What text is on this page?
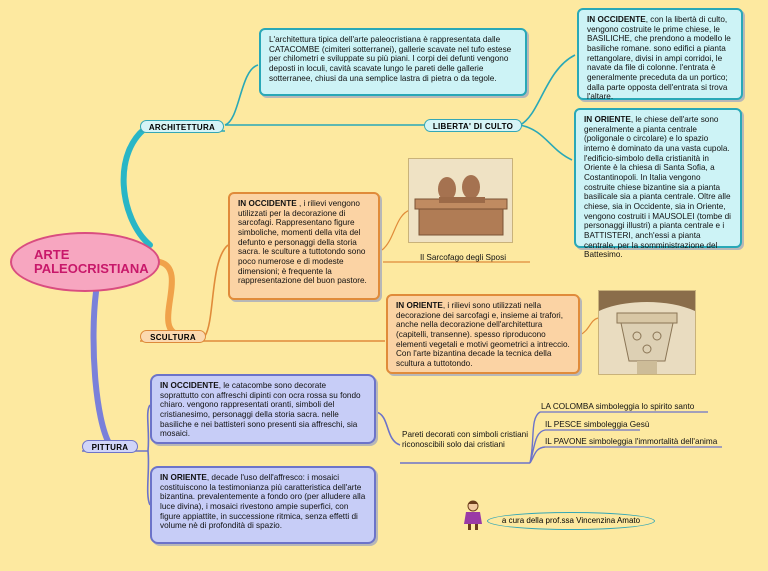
ARTE
PALEOCRISTIANA
ARCHITETTURA	LIBERTA' DI CULTO
SCULTURA
PITTURA
L'architettura tipica dell'arte paleocristiana è rappresentata dalle CATACOMBE (cimiteri sotterranei), gallerie scavate nel tufo estese per chilometri e sviluppate su più piani. I corpi dei defunti vengono deposti in loculi, cavità scavate lungo le pareti delle gallerie sotterranee, chiusi da una semplice lastra di pietra o da tegole.
IN OCCIDENTE, con la libertà di culto, vengono costruite le prime chiese, le BASILICHE, che prendono a modello le basiliche romane. sono edifici a pianta rettangolare, divisi in ampi corridoi, le navate da file di colonne. l'entrata è generalmente preceduta da un portico; dalla parte opposta dell'entrata si trova l'altare.
IN ORIENTE, le chiese dell'arte sono generalmente a pianta centrale (poligonale o circolare) e lo spazio interno è dominato da una vasta cupola. l'edificio-simbolo della cristianità in Oriente è la chiesa di Santa Sofia, a Costantinopoli. In Italia vengono costruite chiese bizantine sia a pianta basilicale sia a pianta centrale. Oltre alle chiese, sia in Occidente, sia in Oriente, vengono costruiti i MAUSOLEI (tombe di personaggi illustri) a pianta centrale e i BATTISTERI, anch'essi a pianta centrale, per la somministrazione del Battesimo.
IN OCCIDENTE , i rilievi vengono utilizzati per la decorazione di sarcofagi. Rappresentano figure simboliche, momenti della vita del defunto e personaggi della storia sacra. le sculture a tuttotondo sono poco numerose e di modeste dimensioni; è frequente la rappresentazione del buon pastore.
IN ORIENTE, i rilievi sono utilizzati nella decorazione dei sarcofagi e, insieme ai trafori, anche nella decorazione dell'architettura (capitelli, transenne). spesso riproducono elementi vegetali e motivi geometrici a intreccio. Con l'arte bizantina decade la tecnica della scultura a tuttotondo.
Il Sarcofago degli Sposi
IN OCCIDENTE, le catacombe sono decorate soprattutto con affreschi dipinti con ocra rossa su fondo chiaro. vengono rappresentati oranti, simboli del cristianesimo, personaggi della storia sacra. nelle basiliche e nei battisteri sono presenti sia affreschi, sia mosaici.
IN ORIENTE, decade l'uso dell'affresco: i mosaici costituiscono la testimonianza più caratteristica dell'arte bizantina. prevalentemente a fondo oro (per alludere alla luce divina), i mosaici rivestono ampie superfici, con figure appiattite, in successione ritmica, senza effetti di volume nè di profondità di spazio.
Pareti decorati con simboli cristiani riconoscibili solo dai cristiani
LA COLOMBA simboleggia lo spirito santo
IL PESCE simboleggia Gesù
IL PAVONE simboleggia l'immortalità dell'anima
a cura della prof.ssa Vincenzina Amato
